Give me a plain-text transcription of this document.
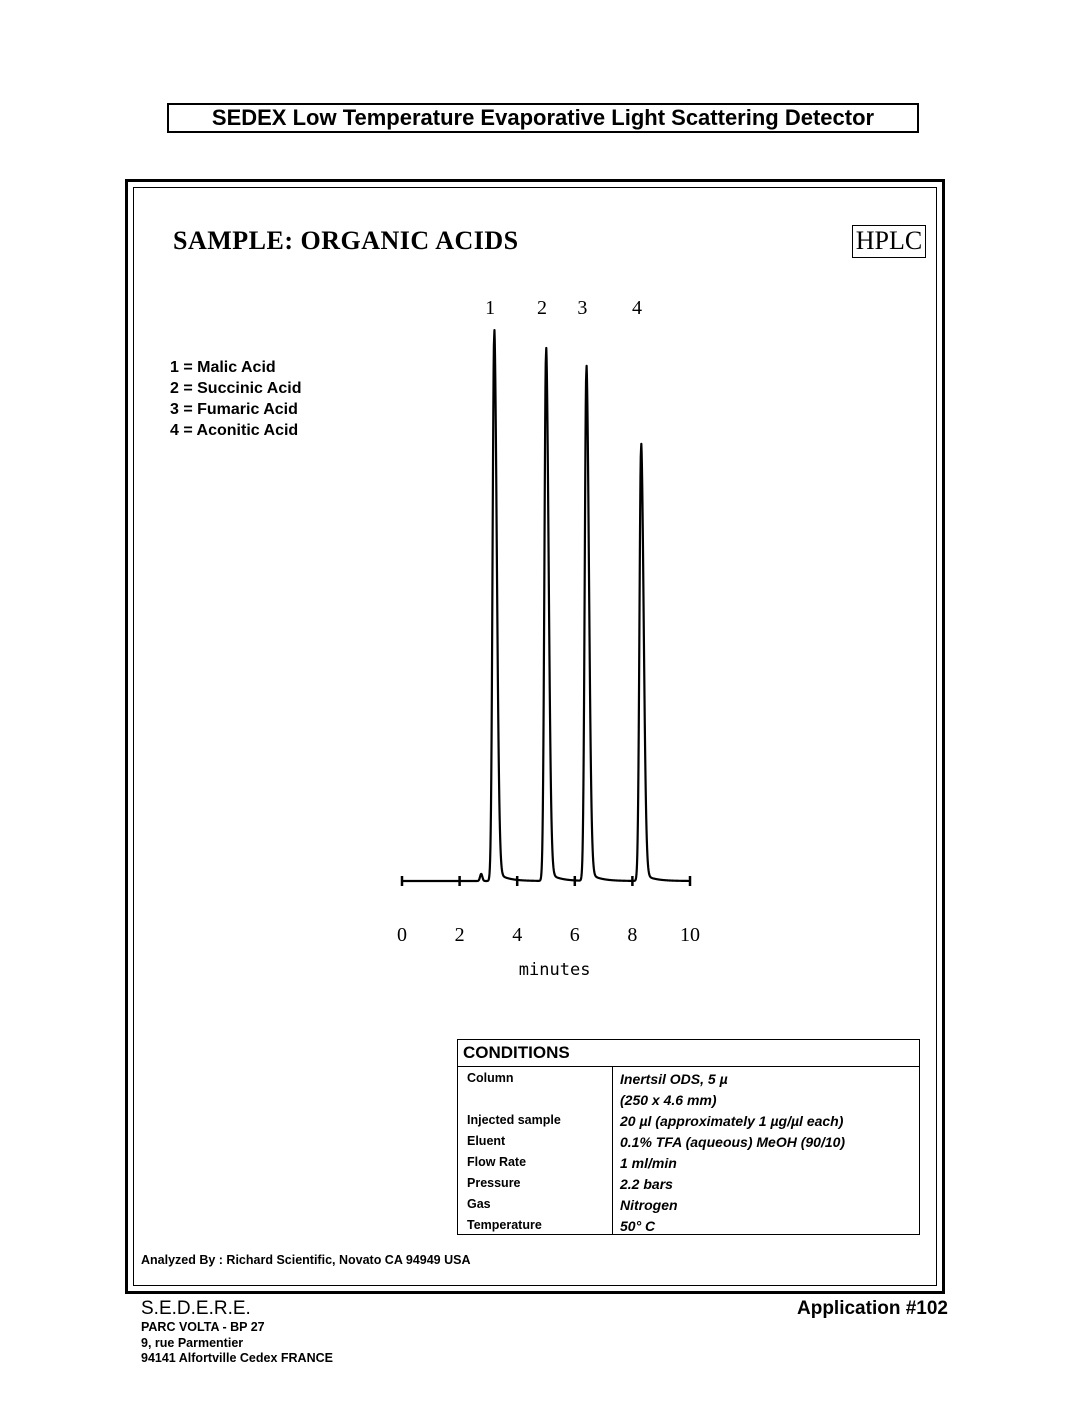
SEDEX Low Temperature Evaporative Light Scattering Detector
SAMPLE: ORGANIC ACIDS	HPLC
1 = Malic Acid
2 = Succinic Acid
3 = Fumaric Acid
4 = Aconitic Acid
0 2 4 6 8 10
minutes
1 2 3 4
CONDITIONS
Column	Inertsil ODS, 5 µ
(250 x 4.6 mm)
Injected sample	20 µl (approximately 1 µg/µl each)
Eluent	0.1% TFA (aqueous) MeOH (90/10)
Flow Rate	1 ml/min
Pressure	2.2 bars
Gas	Nitrogen
Temperature	50° C
Analyzed By : Richard Scientific, Novato CA 94949 USA
S.E.D.E.R.E.
PARC VOLTA - BP 27
9, rue Parmentier
94141 Alfortville Cedex FRANCE
Application #102
